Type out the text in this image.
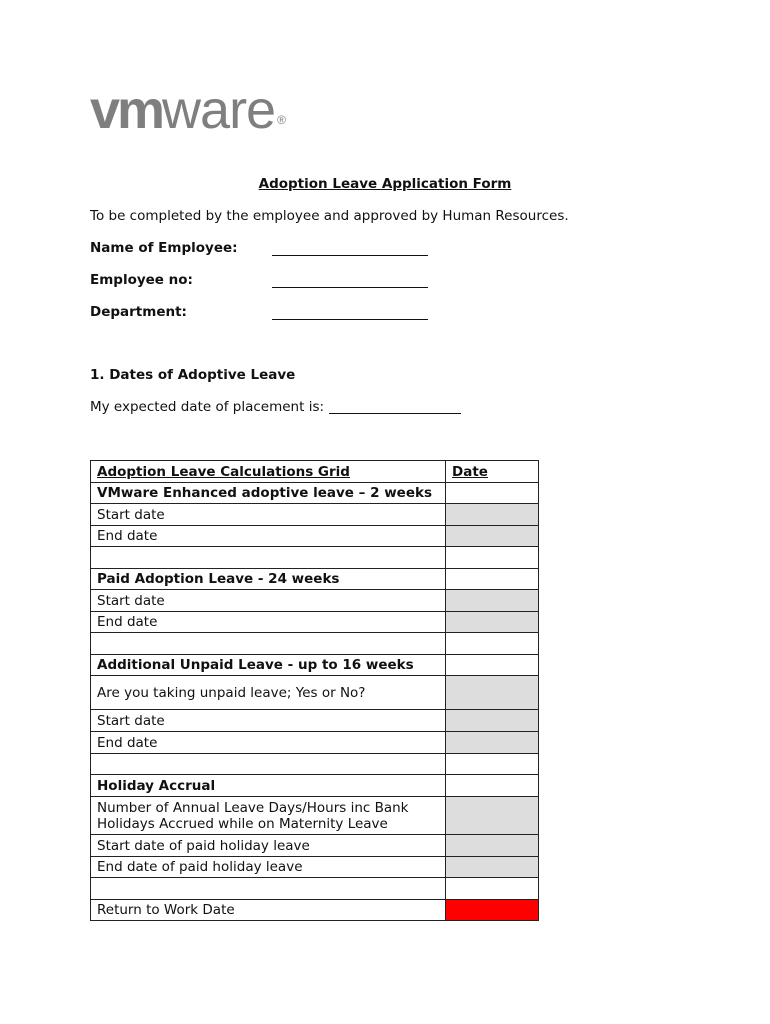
vmware ®
Adoption Leave Application Form
To be completed by the employee and approved by Human Resources.
Name of Employee:
Employee no:
Department:
1. Dates of Adoptive Leave
My expected date of placement is:
Adoption Leave Calculations Grid	Date
VMware Enhanced adoptive leave – 2 weeks	
Start date	
End date	

Paid Adoption Leave - 24 weeks	
Start date	
End date	

Additional Unpaid Leave - up to 16 weeks	
Are you taking unpaid leave; Yes or No?	
Start date	
End date	

Holiday Accrual	
Number of Annual Leave Days/Hours inc Bank
Holidays Accrued while on Maternity Leave	
Start date of paid holiday leave	
End date of paid holiday leave	

Return to Work Date	
